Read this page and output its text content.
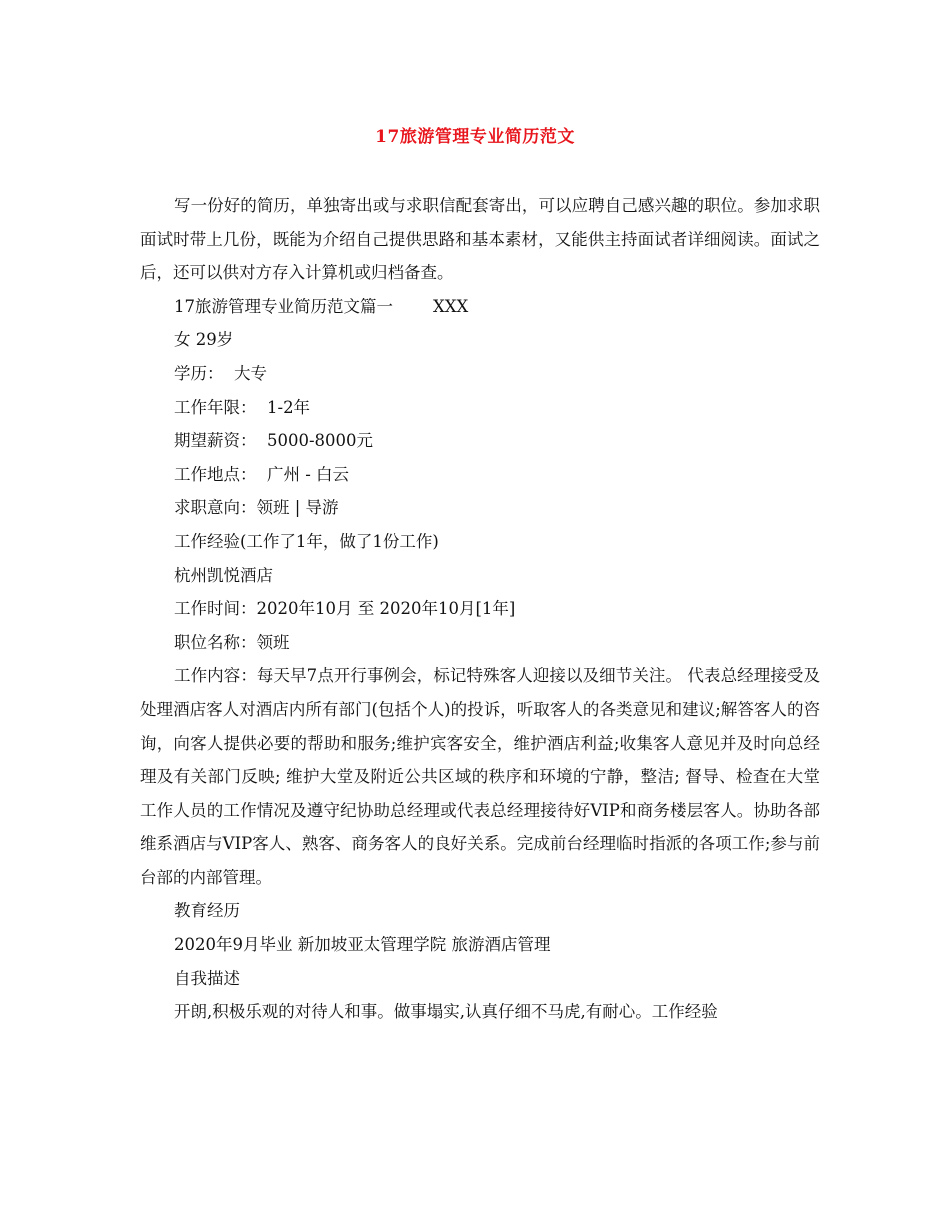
17旅游管理专业简历范文

写一份好的简历，单独寄出或与求职信配套寄出，可以应聘自己感兴趣的职位。参加求职面试时带上几份，既能为介绍自己提供思路和基本素材，又能供主持面试者详细阅读。面试之后，还可以供对方存入计算机或归档备查。

17旅游管理专业简历范文篇一 XXX

女 29岁

学历：  大专

工作年限：  1-2年

期望薪资：  5000-8000元

工作地点：  广州 - 白云

求职意向：领班 | 导游

工作经验(工作了1年，做了1份工作)

杭州凯悦酒店

工作时间：2020年10月 至 2020年10月[1年]

职位名称：领班

工作内容：每天早7点开行事例会，标记特殊客人迎接以及细节关注。 代表总经理接受及处理酒店客人对酒店内所有部门(包括个人)的投诉，听取客人的各类意见和建议;解答客人的咨询，向客人提供必要的帮助和服务;维护宾客安全，维护酒店利益;收集客人意见并及时向总经理及有关部门反映; 维护大堂及附近公共区域的秩序和环境的宁静，整洁; 督导、检查在大堂工作人员的工作情况及遵守纪协助总经理或代表总经理接待好VIP和商务楼层客人。协助各部维系酒店与VIP客人、熟客、商务客人的良好关系。完成前台经理临时指派的各项工作;参与前台部的内部管理。

教育经历

2020年9月毕业 新加坡亚太管理学院 旅游酒店管理

自我描述

开朗,积极乐观的对待人和事。做事塌实,认真仔细不马虎,有耐心。工作经验
